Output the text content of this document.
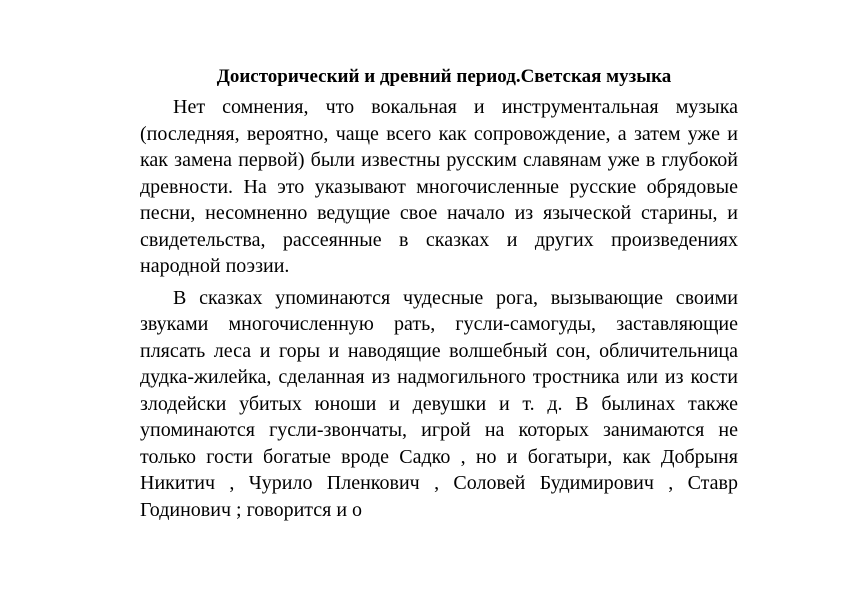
Доисторический и древний период.Светская музыка

Нет сомнения, что вокальная и инструментальная музыка (последняя, вероятно, чаще всего как сопровождение, а затем уже и как замена первой) были известны русским славянам уже в глубокой древности. На это указывают многочисленные русские обрядовые песни, несомненно ведущие свое начало из языческой старины, и свидетельства, рассеянные в сказках и других произведениях народной поэзии.

В сказках упоминаются чудесные рога, вызывающие своими звуками многочисленную рать, гусли-самогуды, заставляющие плясать леса и горы и наводящие волшебный сон, обличительница дудка-жилейка, сделанная из надмогильного тростника или из кости злодейски убитых юноши и девушки и т. д. В былинах также упоминаются гусли-звончаты, игрой на которых занимаются не только гости богатые вроде Садко , но и богатыри, как Добрыня Никитич , Чурило Пленкович , Соловей Будимирович , Ставр Годинович ; говорится и о
